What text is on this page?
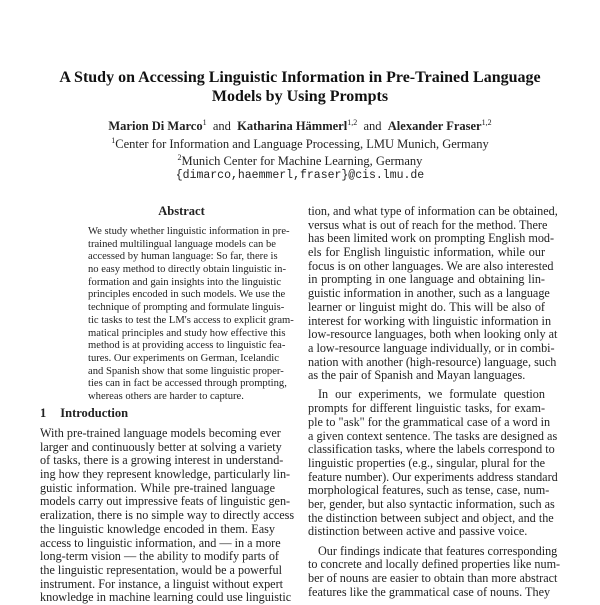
A Study on Accessing Linguistic Information in Pre-Trained Language
Models by Using Prompts
Marion Di Marco$^1$ and Katharina Hämmerl$^{1,2}$ and Alexander Fraser$^{1,2}$
$^1$Center for Information and Language Processing, LMU Munich, Germany
$^2$Munich Center for Machine Learning, Germany
{dimarco,haemmerl,fraser}@cis.lmu.de
Abstract
We study whether linguistic information in pre-
trained multilingual language models can be
accessed by human language: So far, there is
no easy method to directly obtain linguistic in-
formation and gain insights into the linguistic
principles encoded in such models. We use the
technique of prompting and formulate linguis-
tic tasks to test the LM's access to explicit gram-
matical principles and study how effective this
method is at providing access to linguistic fea-
tures. Our experiments on German, Icelandic
and Spanish show that some linguistic proper-
ties can in fact be accessed through prompting,
whereas others are harder to capture.
1 Introduction
With pre-trained language models becoming ever
larger and continuously better at solving a variety
of tasks, there is a growing interest in understand-
ing how they represent knowledge, particularly lin-
guistic information. While pre-trained language
models carry out impressive feats of linguistic gen-
eralization, there is no simple way to directly access
the linguistic knowledge encoded in them. Easy
access to linguistic information, and — in a more
long-term vision — the ability to modify parts of
the linguistic representation, would be a powerful
instrument. For instance, a linguist without expert
knowledge in machine learning could use linguistic
tion, and what type of information can be obtained,
versus what is out of reach for the method. There
has been limited work on prompting English mod-
els for English linguistic information, while our
focus is on other languages. We are also interested
in prompting in one language and obtaining lin-
guistic information in another, such as a language
learner or linguist might do. This will be also of
interest for working with linguistic information in
low-resource languages, both when looking only at
a low-resource language individually, or in combi-
nation with another (high-resource) language, such
as the pair of Spanish and Mayan languages.
In our experiments, we formulate question
prompts for different linguistic tasks, for exam-
ple to "ask" for the grammatical case of a word in
a given context sentence. The tasks are designed as
classification tasks, where the labels correspond to
linguistic properties (e.g., singular, plural for the
feature number). Our experiments address standard
morphological features, such as tense, case, num-
ber, gender, but also syntactic information, such as
the distinction between subject and object, and the
distinction between active and passive voice.
Our findings indicate that features corresponding
to concrete and locally defined properties like num-
ber of nouns are easier to obtain than more abstract
features like the grammatical case of nouns. They
